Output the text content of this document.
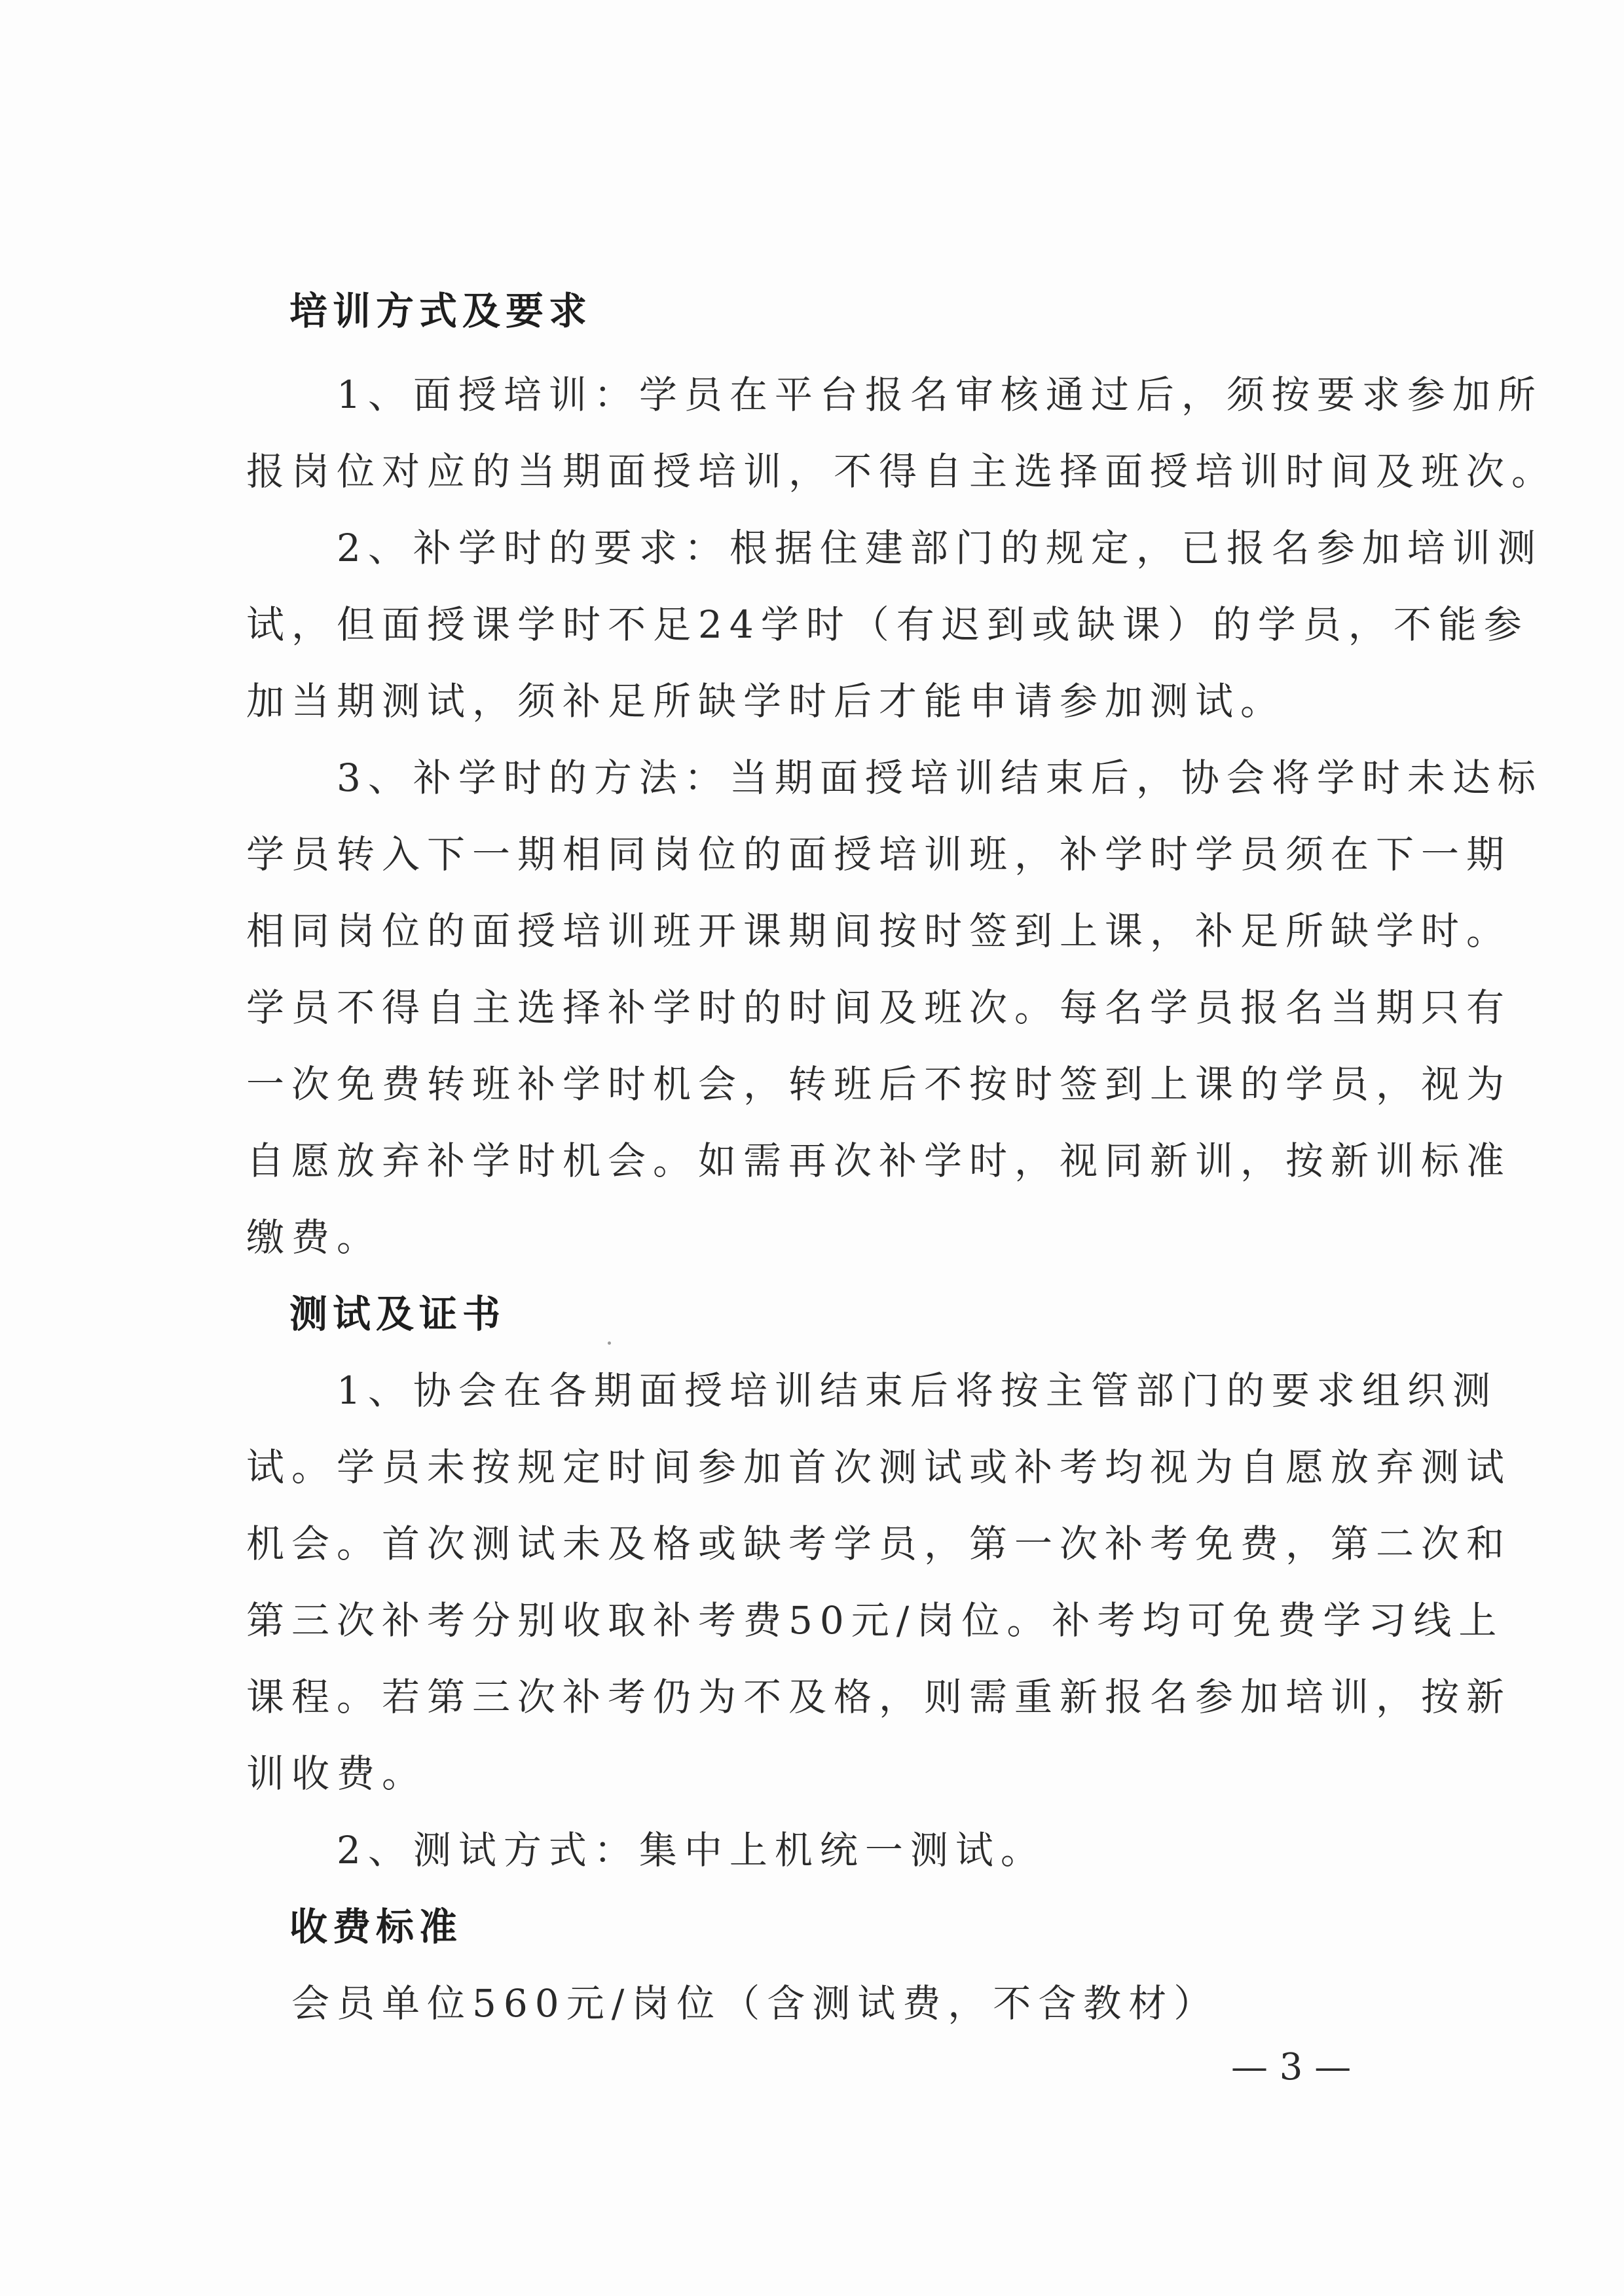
　培训方式及要求
　　1、面授培训：学员在平台报名审核通过后，须按要求参加所
报岗位对应的当期面授培训，不得自主选择面授培训时间及班次。
　　2、补学时的要求：根据住建部门的规定，已报名参加培训测
试，但面授课学时不足24学时（有迟到或缺课）的学员，不能参
加当期测试，须补足所缺学时后才能申请参加测试。
　　3、补学时的方法：当期面授培训结束后，协会将学时未达标
学员转入下一期相同岗位的面授培训班，补学时学员须在下一期
相同岗位的面授培训班开课期间按时签到上课，补足所缺学时。
学员不得自主选择补学时的时间及班次。每名学员报名当期只有
一次免费转班补学时机会，转班后不按时签到上课的学员，视为
自愿放弃补学时机会。如需再次补学时，视同新训，按新训标准
缴费。
　测试及证书
　　1、协会在各期面授培训结束后将按主管部门的要求组织测
试。学员未按规定时间参加首次测试或补考均视为自愿放弃测试
机会。首次测试未及格或缺考学员，第一次补考免费，第二次和
第三次补考分别收取补考费50元/岗位。补考均可免费学习线上
课程。若第三次补考仍为不及格，则需重新报名参加培训，按新
训收费。
　　2、测试方式：集中上机统一测试。
　收费标准
　会员单位560元/岗位（含测试费，不含教材）
— 3 —
